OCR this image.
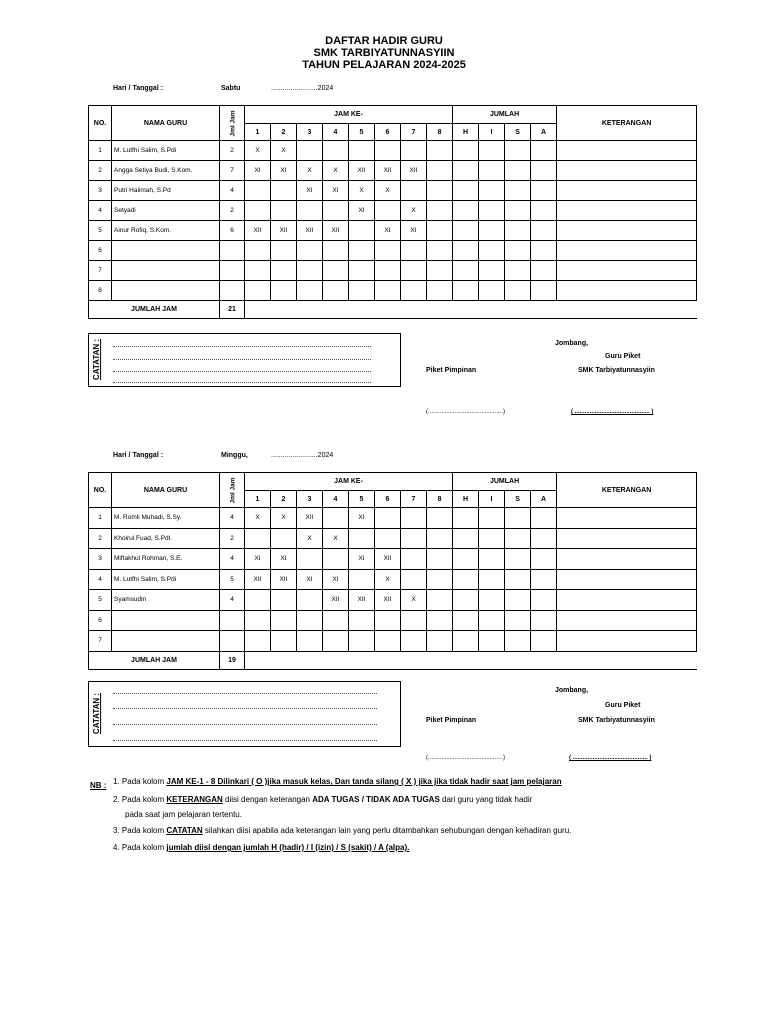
DAFTAR HADIR GURU
SMK TARBIYATUNNASYIIN
TAHUN PELAJARAN 2024-2025
Hari / Tanggal :	Sabtu	........................2024
NO.	NAMA GURU	Jml Jam	JAM KE-								JUMLAH				KETERANGAN
			1	2	3	4	5	6	7	8	H	I	S	A	
1	M. Lutfhi Salim, S.Pdi	2	X	X											
2	Angga Setiya Budi, S.Kom.	7	XI	XI	X	X	XII	XII	XII						
3	Putri Halimah, S.Pd	4			XI	XI	X	X							
4	Setyadi	2					XI		X						
5	Ainur Rofiq, S.Kom.	6	XII	XII	XII	XII		XI	XI						
6															
7															
8															
JUMLAH JAM		21													
CATATAN :	Jombang,
Guru Piket
Piket Pimpinan	SMK Tarbiyatunnasyiin
(.............................................)	( ............................................. )
Hari / Tanggal :	Minggu,	........................2024
NO.	NAMA GURU	Jml Jam	JAM KE-								JUMLAH				KETERANGAN
			1	2	3	4	5	6	7	8	H	I	S	A	
1	M. Romli Muhadi, S.Sy.	4	X	X	XII		XI								
2	Khoirul Fuad, S.PdI.	2			X	X									
3	Miftakhul Rohman, S.E.	4	XI	XI			XI	XII							
4	M. Lutfhi Salim, S.Pdi	5	XII	XII	XI	XI		X							
5	Syamsudin	4				XII	XII	XII	X						
6															
7															
JUMLAH JAM		19													
CATATAN :
Jombang,
Guru Piket
Piket Pimpinan	SMK Tarbiyatunnasyiin
(.............................................)	( ............................................. )
NB : 1. Pada kolom JAM KE-1 - 8 Dilinkari ( O )jika masuk kelas, Dan tanda silang ( X ) jika jika tidak hadir saat jam pelajaran
2. Pada kolom KETERANGAN diisi dengan keterangan ADA TUGAS / TIDAK ADA TUGAS dari guru yang tidak hadir
pada saat jam pelajaran tertentu.
3. Pada kolom CATATAN silahkan diisi apabila ada keterangan lain yang perlu ditambahkan sehubungan dengan kehadiran guru.
4. Pada kolom jumlah diisi dengan jumlah H (hadir) / I (izin) / S (sakit) / A (alpa).
